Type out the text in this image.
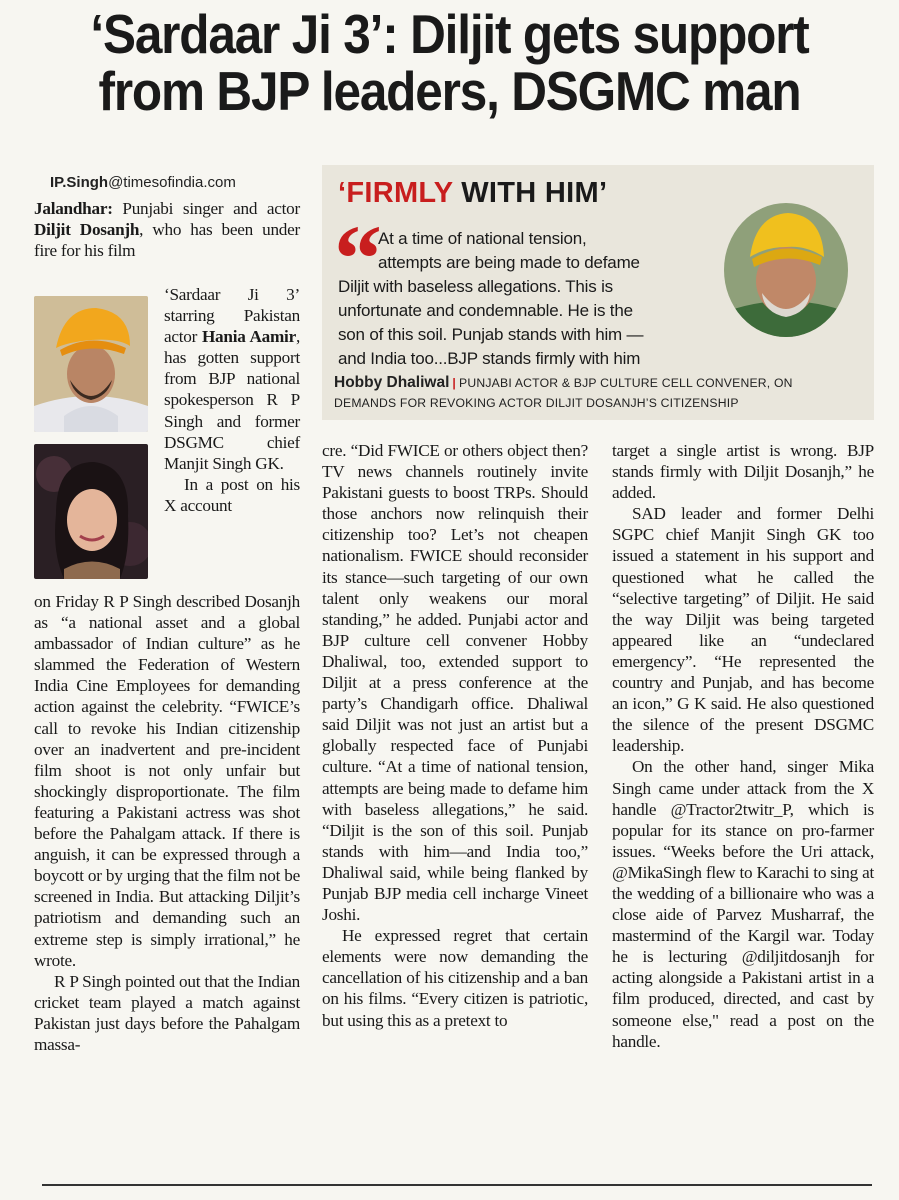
‘Sardaar Ji 3’: Diljit gets support
from BJP leaders, DSGMC man
IP.Singh@timesofindia.com

Jalandhar: Punjabi singer and actor Diljit Dosanjh, who has been under fire for his film

‘Sardaar Ji 3’ starring Pakistan actor Hania Aamir, has gotten support from BJP national spokesperson R P Singh and former DSGMC chief Manjit Singh GK.

In a post on his X account

on Friday R P Singh described Dosanjh as “a national asset and a global ambassador of Indian culture” as he slammed the Federation of Western India Cine Employees for demanding action against the celebrity. “FWICE’s call to revoke his Indian citizenship over an inadvertent and pre-incident film shoot is not only unfair but shockingly disproportionate. The film featuring a Pakistani actress was shot before the Pahalgam attack. If there is anguish, it can be expressed through a boycott or by urging that the film not be screened in India. But attacking Diljit’s patriotism and demanding such an extreme step is simply irrational,” he wrote.

R P Singh pointed out that the Indian cricket team played a match against Pakistan just days before the Pahalgam massa-

‘FIRMLY WITH HIM’
“
At a time of national tension,
attempts are being made to defame
Diljit with baseless allegations. This is
unfortunate and condemnable. He is the
son of this soil. Punjab stands with him —
and India too...BJP stands firmly with him
Hobby Dhaliwal | PUNJABI ACTOR & BJP CULTURE CELL CONVENER, ON
DEMANDS FOR REVOKING ACTOR DILJIT DOSANJH’S CITIZENSHIP

cre. “Did FWICE or others object then? TV news channels routinely invite Pakistani guests to boost TRPs. Should those anchors now relinquish their citizenship too? Let’s not cheapen nationalism. FWICE should reconsider its stance—such targeting of our own talent only weakens our moral standing,” he added. Punjabi actor and BJP culture cell convener Hobby Dhaliwal, too, extended support to Diljit at a press conference at the party’s Chandigarh office. Dhaliwal said Diljit was not just an artist but a globally respected face of Punjabi culture. “At a time of national tension, attempts are being made to defame him with baseless allegations,” he said. “Diljit is the son of this soil. Punjab stands with him—and India too,” Dhaliwal said, while being flanked by Punjab BJP media cell incharge Vineet Joshi.

He expressed regret that certain elements were now demanding the cancellation of his citizenship and a ban on his films. “Every citizen is patriotic, but using this as a pretext to

target a single artist is wrong. BJP stands firmly with Diljit Dosanjh,” he added.

SAD leader and former Delhi SGPC chief Manjit Singh GK too issued a statement in his support and questioned what he called the “selective targeting” of Diljit. He said the way Diljit was being targeted appeared like an “undeclared emergency”. “He represented the country and Punjab, and has become an icon,” G K said. He also questioned the silence of the present DSGMC leadership.

On the other hand, singer Mika Singh came under attack from the X handle @Tractor2twitr_P, which is popular for its stance on pro-farmer issues. “Weeks before the Uri attack, @MikaSingh flew to Karachi to sing at the wedding of a billionaire who was a close aide of Parvez Musharraf, the mastermind of the Kargil war. Today he is lecturing @diljitdosanjh for acting alongside a Pakistani artist in a film produced, directed, and cast by someone else," read a post on the handle.
